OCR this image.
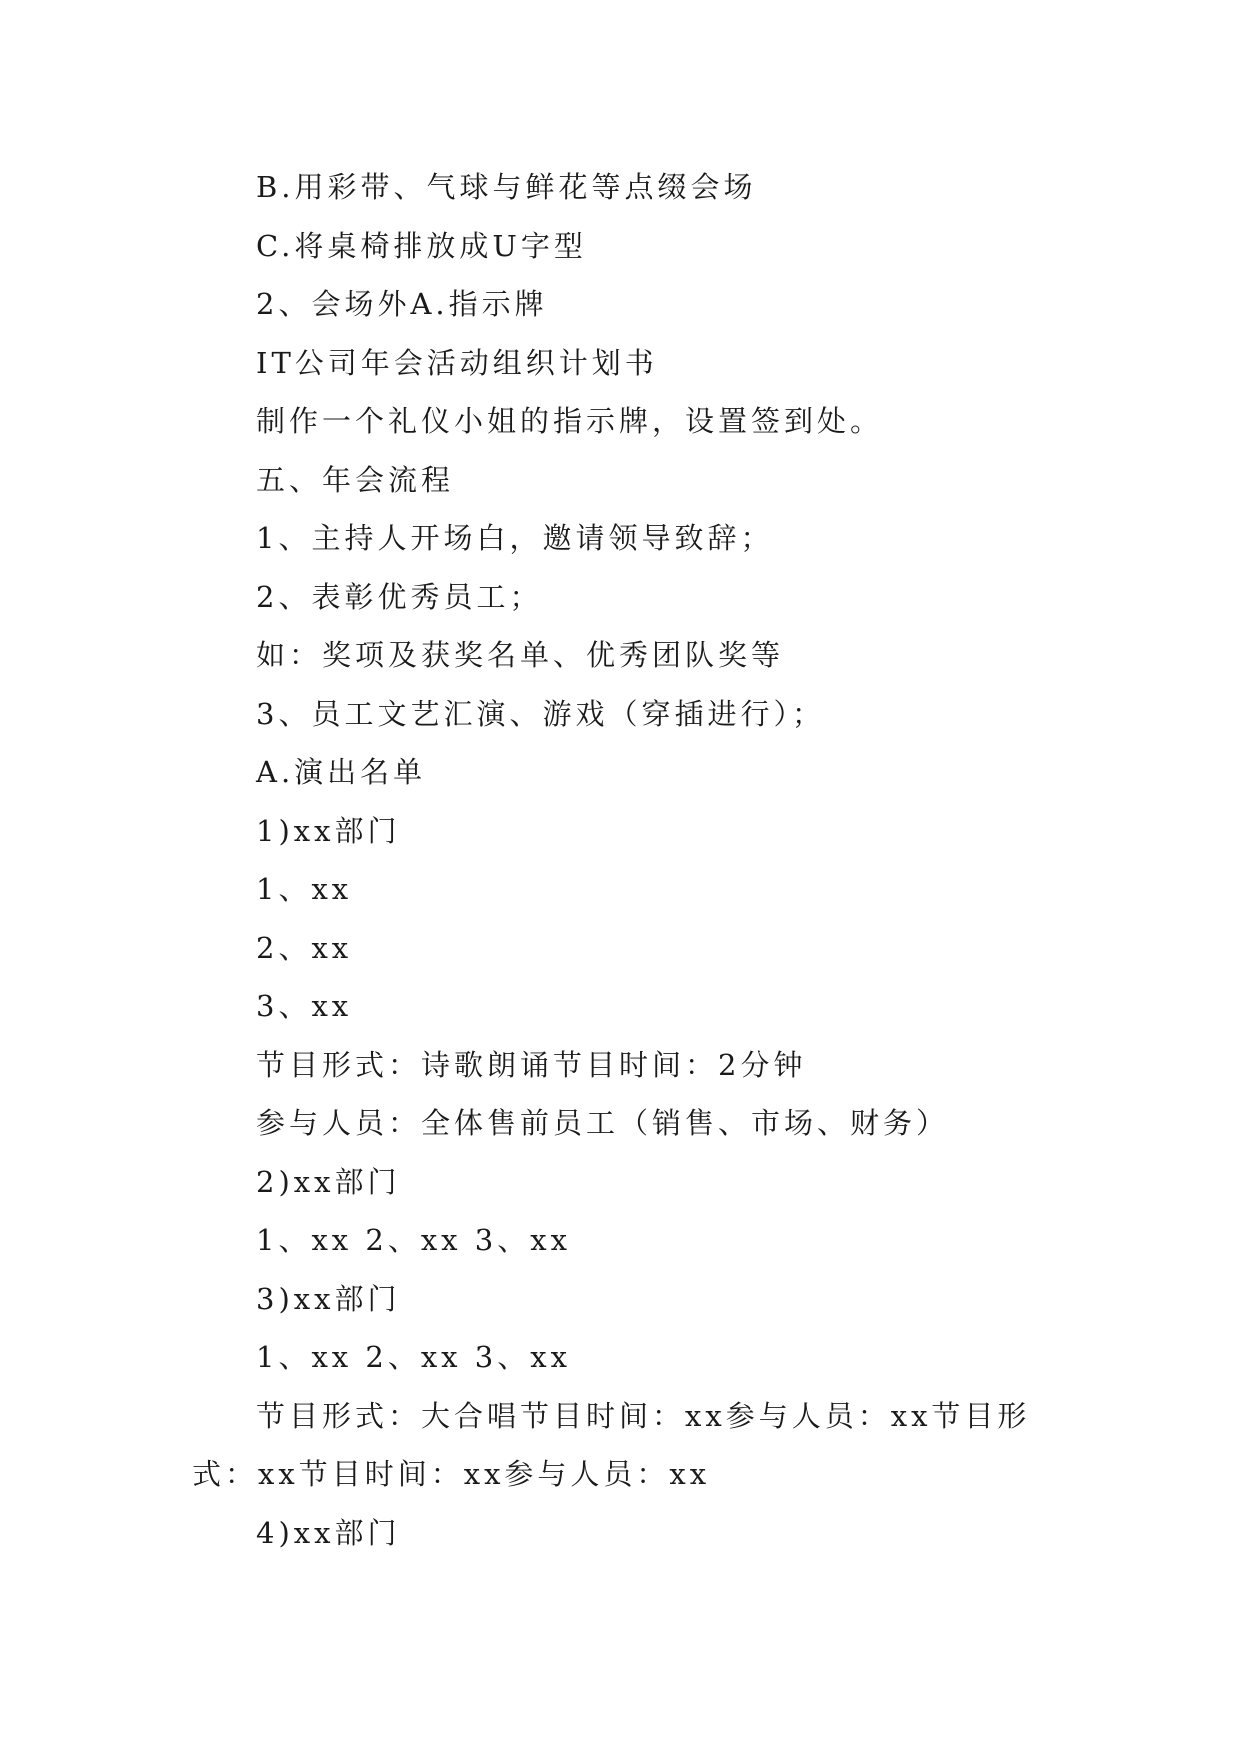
B.用彩带、气球与鲜花等点缀会场

C.将桌椅排放成U字型

2、会场外A.指示牌

IT公司年会活动组织计划书

制作一个礼仪小姐的指示牌，设置签到处。

五、年会流程

1、主持人开场白，邀请领导致辞；

2、表彰优秀员工；

如：奖项及获奖名单、优秀团队奖等

3、员工文艺汇演、游戏（穿插进行）；

A.演出名单

1)xx部门

1、xx

2、xx

3、xx

节目形式：诗歌朗诵节目时间：2分钟

参与人员：全体售前员工（销售、市场、财务）

2)xx部门

1、xx 2、xx 3、xx

3)xx部门

1、xx 2、xx 3、xx

节目形式：大合唱节目时间：xx参与人员：xx节目形式：xx节目时间：xx参与人员：xx

4)xx部门
